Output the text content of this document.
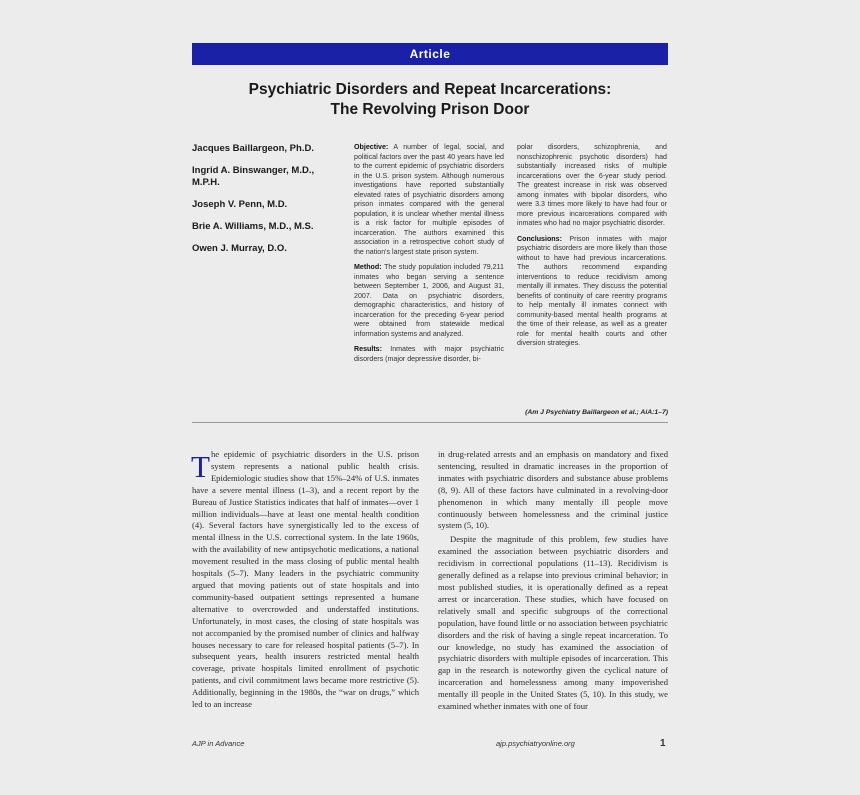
Article
Psychiatric Disorders and Repeat Incarcerations:
The Revolving Prison Door
Jacques Baillargeon, Ph.D.
Ingrid A. Binswanger, M.D., M.P.H.
Joseph V. Penn, M.D.
Brie A. Williams, M.D., M.S.
Owen J. Murray, D.O.

Objective: A number of legal, social, and political factors over the past 40 years have led to the current epidemic of psychiatric disorders in the U.S. prison system. Although numerous investigations have reported substantially elevated rates of psychiatric disorders among prison inmates compared with the general population, it is unclear whether mental illness is a risk factor for multiple episodes of incarceration. The authors examined this association in a retrospective cohort study of the nation's largest state prison system.

Method: The study population included 79,211 inmates who began serving a sentence between September 1, 2006, and August 31, 2007. Data on psychiatric disorders, demographic characteristics, and history of incarceration for the preceding 6-year period were obtained from statewide medical information systems and analyzed.

Results: Inmates with major psychiatric disorders (major depressive disorder, bi-

polar disorders, schizophrenia, and nonschizophrenic psychotic disorders) had substantially increased risks of multiple incarcerations over the 6-year study period. The greatest increase in risk was observed among inmates with bipolar disorders, who were 3.3 times more likely to have had four or more previous incarcerations compared with inmates who had no major psychiatric disorder.

Conclusions: Prison inmates with major psychiatric disorders are more likely than those without to have had previous incarcerations. The authors recommend expanding interventions to reduce recidivism among mentally ill inmates. They discuss the potential benefits of continuity of care reentry programs to help mentally ill inmates connect with community-based mental health programs at the time of their release, as well as a greater role for mental health courts and other diversion strategies.

(Am J Psychiatry Baillargeon et al.; AiA:1–7)

The epidemic of psychiatric disorders in the U.S. prison system represents a national public health crisis. Epidemiologic studies show that 15%–24% of U.S. inmates have a severe mental illness (1–3), and a recent report by the Bureau of Justice Statistics indicates that half of inmates—over 1 million individuals—have at least one mental health condition (4). Several factors have synergistically led to the excess of mental illness in the U.S. correctional system. In the late 1960s, with the availability of new antipsychotic medications, a national movement resulted in the mass closing of public mental health hospitals (5–7). Many leaders in the psychiatric community argued that moving patients out of state hospitals and into community-based outpatient settings represented a humane alternative to overcrowded and understaffed institutions. Unfortunately, in most cases, the closing of state hospitals was not accompanied by the promised number of clinics and halfway houses necessary to care for released hospital patients (5–7). In subsequent years, health insurers restricted mental health coverage, private hospitals limited enrollment of psychotic patients, and civil commitment laws became more restrictive (5). Additionally, beginning in the 1980s, the “war on drugs,” which led to an increase

in drug-related arrests and an emphasis on mandatory and fixed sentencing, resulted in dramatic increases in the proportion of inmates with psychiatric disorders and substance abuse problems (8, 9). All of these factors have culminated in a revolving-door phenomenon in which many mentally ill people move continuously between homelessness and the criminal justice system (5, 10).

Despite the magnitude of this problem, few studies have examined the association between psychiatric disorders and recidivism in correctional populations (11–13). Recidivism is generally defined as a relapse into previous criminal behavior; in most published studies, it is operationally defined as a repeat arrest or incarceration. These studies, which have focused on relatively small and specific subgroups of the correctional population, have found little or no association between psychiatric disorders and the risk of having a single repeat incarceration. To our knowledge, no study has examined the association of psychiatric disorders with multiple episodes of incarceration. This gap in the research is noteworthy given the cyclical nature of incarceration and homelessness among many impoverished mentally ill people in the United States (5, 10). In this study, we examined whether inmates with one of four

AJP in Advance	ajp.psychiatryonline.org	1
